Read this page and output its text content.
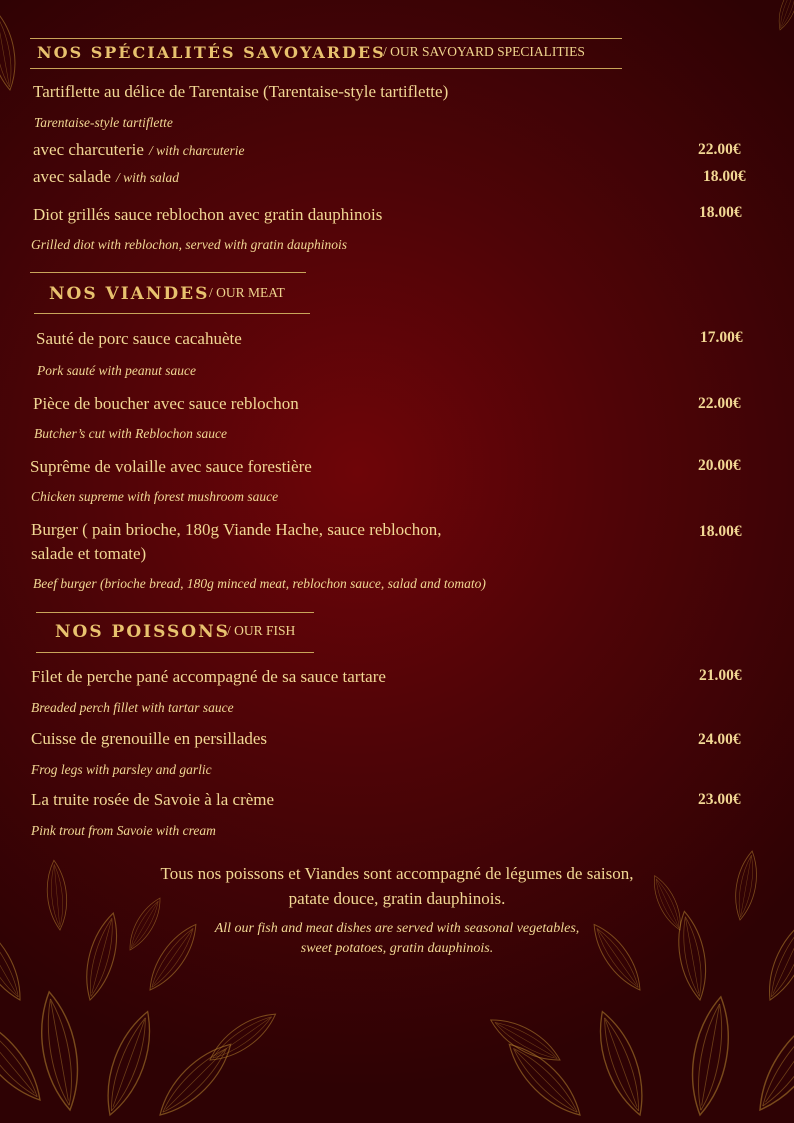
NOS SPÉCIALITÉS SAVOYARDES
/ OUR SAVOYARD SPECIALITIES
Tartiflette au délice de Tarentaise (Tarentaise-style tartiflette)
Tarentaise-style tartiflette
avec charcuterie / with charcuterie	22.00€
avec salade / with salad	18.00€
Diot grillés sauce reblochon avec gratin dauphinois	18.00€
Grilled diot with reblochon, served with gratin dauphinois
NOS VIANDES / OUR MEAT
Sauté de porc sauce cacahuète	17.00€
Pork sauté with peanut sauce
Pièce de boucher avec sauce reblochon	22.00€
Butcher’s cut with Reblochon sauce
Suprême de volaille avec sauce forestière	20.00€
Chicken supreme with forest mushroom sauce
Burger ( pain brioche, 180g Viande Hache, sauce reblochon,
salade et tomate)
18.00€
Beef burger (brioche bread, 180g minced meat, reblochon sauce, salad and tomato)
NOS POISSONS
/ OUR FISH
Filet de perche pané accompagné de sa sauce tartare	21.00€
Breaded perch fillet with tartar sauce
Cuisse de grenouille en persillades	24.00€
Frog legs with parsley and garlic
La truite rosée de Savoie à la crème	23.00€
Pink trout from Savoie with cream
Tous nos poissons et Viandes sont accompagné de légumes de saison,
patate douce, gratin dauphinois.
All our fish and meat dishes are served with seasonal vegetables,
sweet potatoes, gratin dauphinois.
